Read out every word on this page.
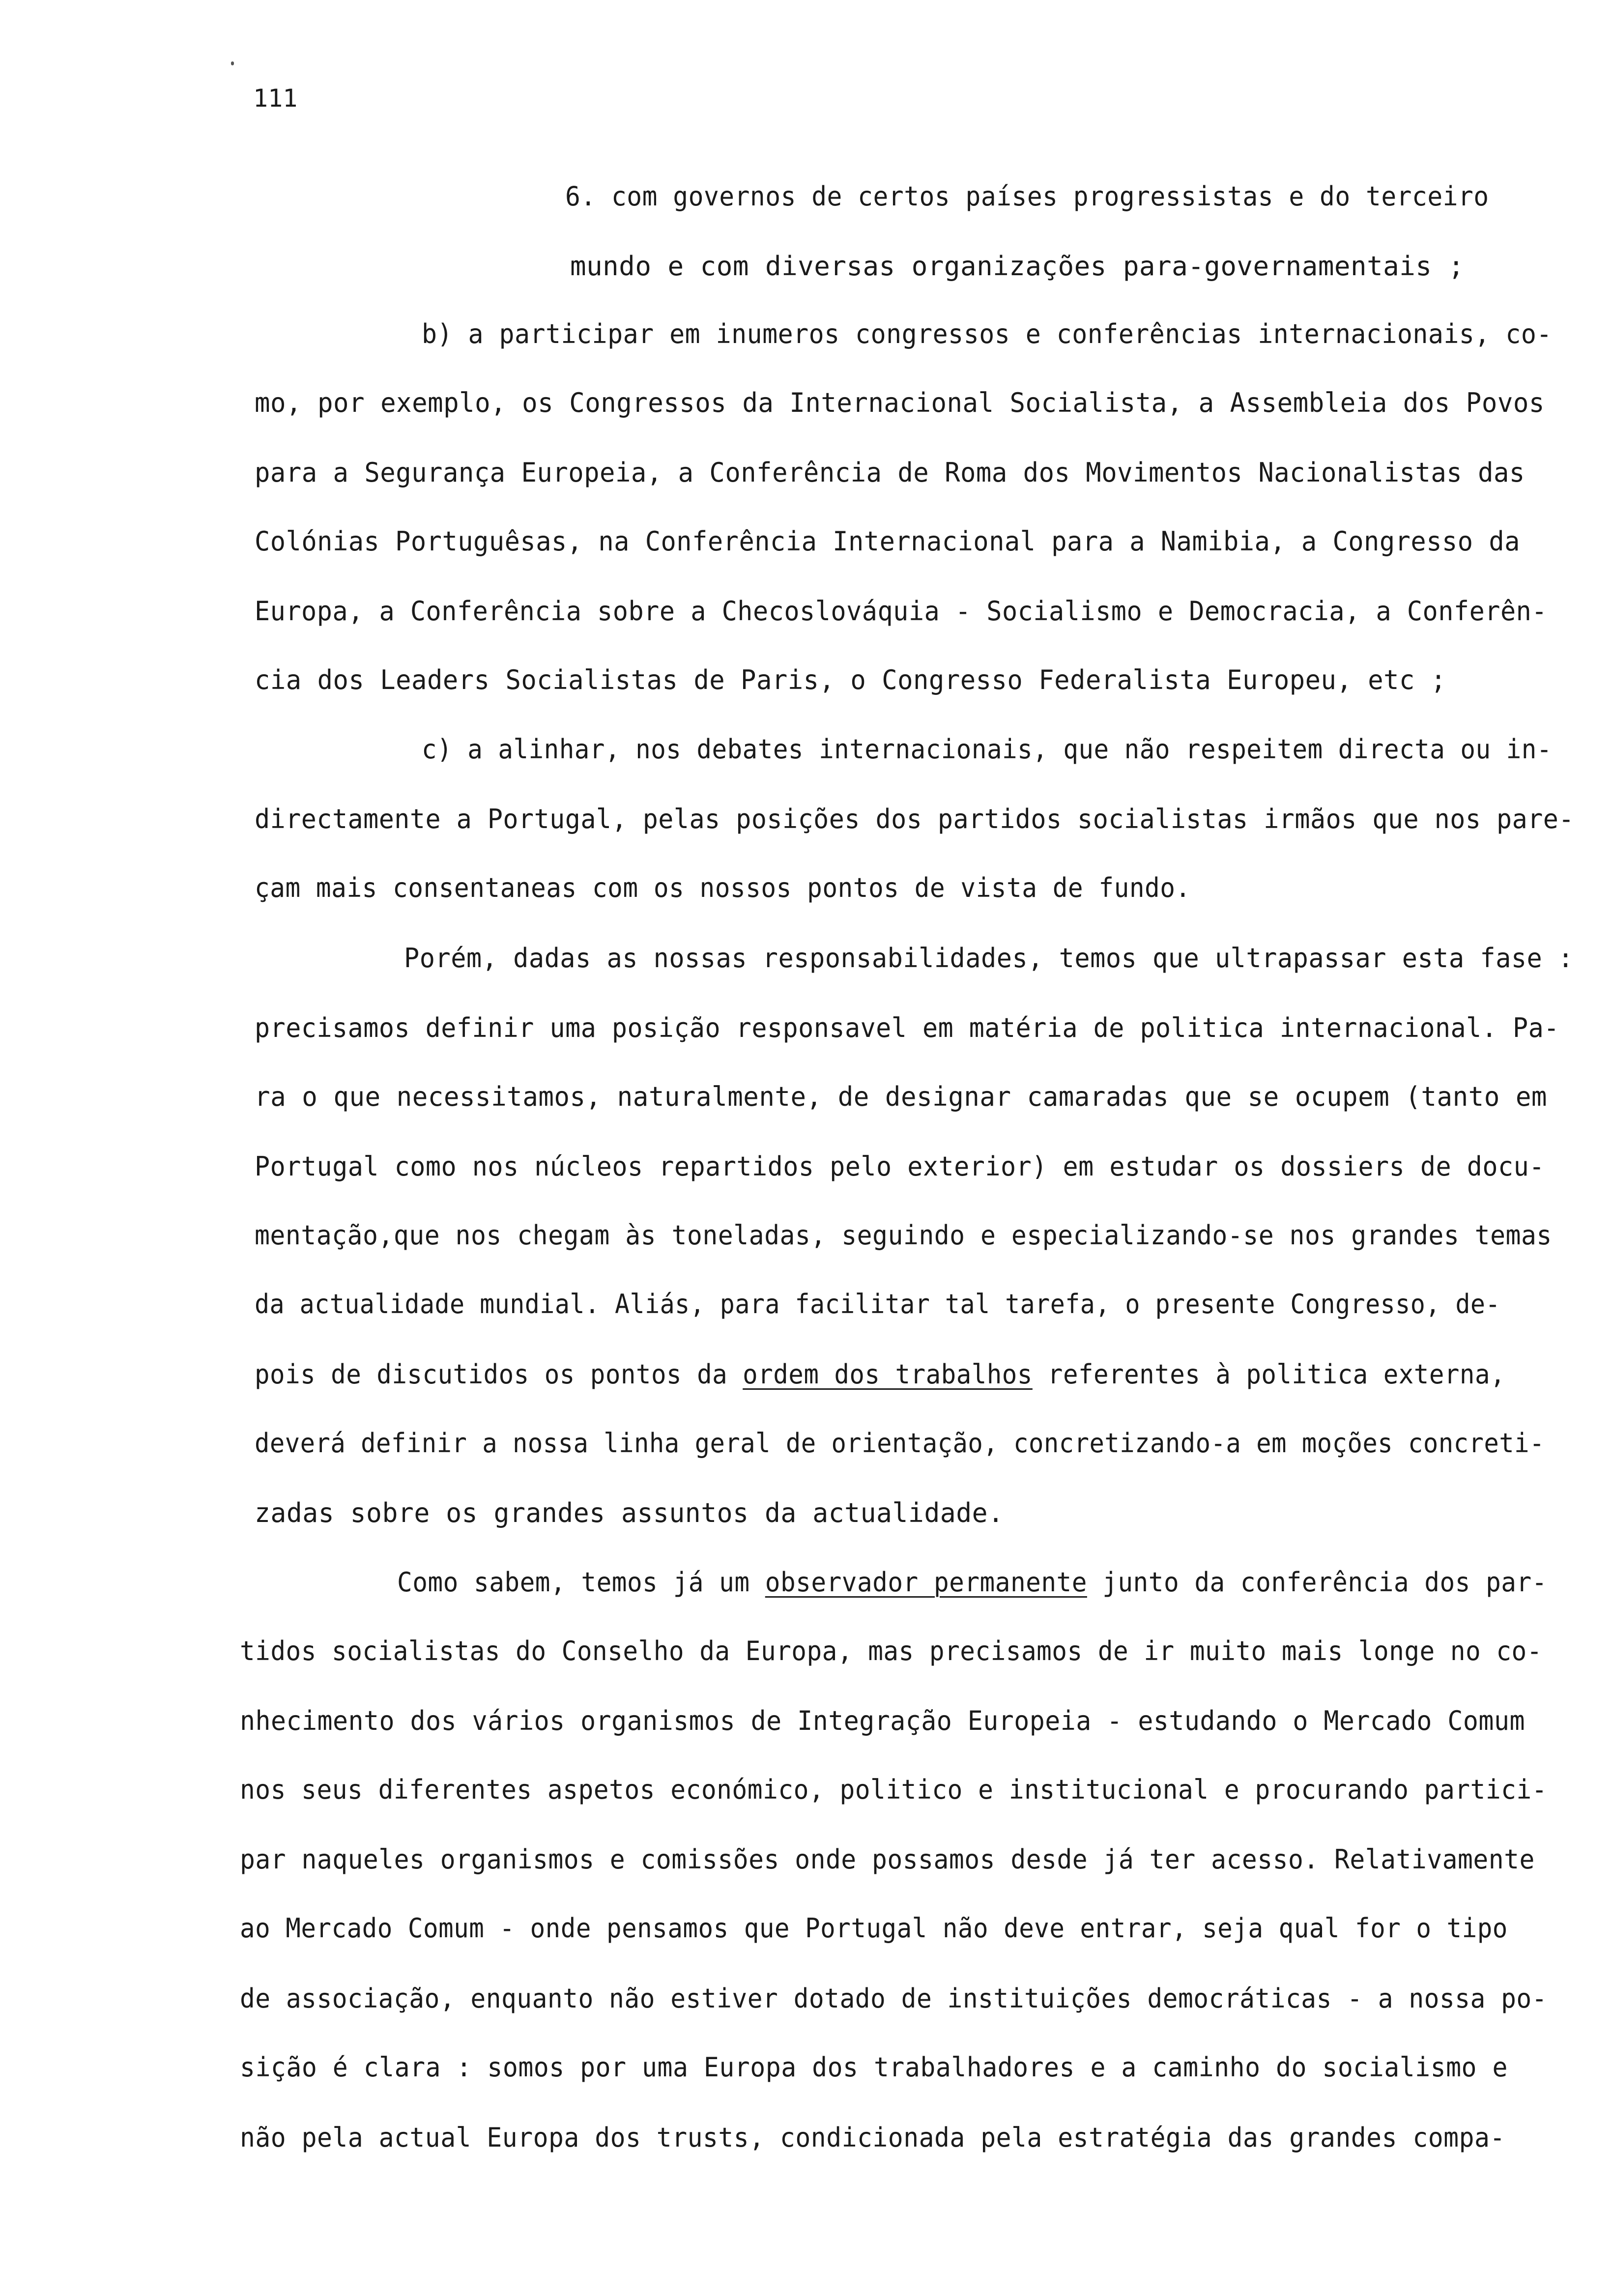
111
6. com governos de certos países progressistas e do terceiro
mundo e com diversas organizações para-governamentais ;
b) a participar em inumeros congressos e conferências internacionais, co-
mo, por exemplo, os Congressos da Internacional Socialista, a Assembleia dos Povos
para a Segurança Europeia, a Conferência de Roma dos Movimentos Nacionalistas das
Colónias Portuguêsas, na Conferência Internacional para a Namibia, a Congresso da
Europa, a Conferência sobre a Checoslováquia - Socialismo e Democracia, a Conferên-
cia dos Leaders Socialistas de Paris, o Congresso Federalista Europeu, etc ;
c) a alinhar, nos debates internacionais, que não respeitem directa ou in-
directamente a Portugal, pelas posições dos partidos socialistas irmãos que nos pare-
çam mais consentaneas com os nossos pontos de vista de fundo.
Porém, dadas as nossas responsabilidades, temos que ultrapassar esta fase :
precisamos definir uma posição responsavel em matéria de politica internacional. Pa-
ra o que necessitamos, naturalmente, de designar camaradas que se ocupem (tanto em
Portugal como nos núcleos repartidos pelo exterior) em estudar os dossiers de docu-
mentação,que nos chegam às toneladas, seguindo e especializando-se nos grandes temas
da actualidade mundial. Aliás, para facilitar tal tarefa, o presente Congresso, de-
pois de discutidos os pontos da ordem dos trabalhos referentes à politica externa,
deverá definir a nossa linha geral de orientação, concretizando-a em moções concreti-
zadas sobre os grandes assuntos da actualidade.
Como sabem, temos já um observador permanente junto da conferência dos par-
tidos socialistas do Conselho da Europa, mas precisamos de ir muito mais longe no co-
nhecimento dos vários organismos de Integração Europeia - estudando o Mercado Comum
nos seus diferentes aspetos económico, politico e institucional e procurando partici-
par naqueles organismos e comissões onde possamos desde já ter acesso. Relativamente
ao Mercado Comum - onde pensamos que Portugal não deve entrar, seja qual for o tipo
de associação, enquanto não estiver dotado de instituições democráticas - a nossa po-
sição é clara : somos por uma Europa dos trabalhadores e a caminho do socialismo e
não pela actual Europa dos trusts, condicionada pela estratégia das grandes compa-
